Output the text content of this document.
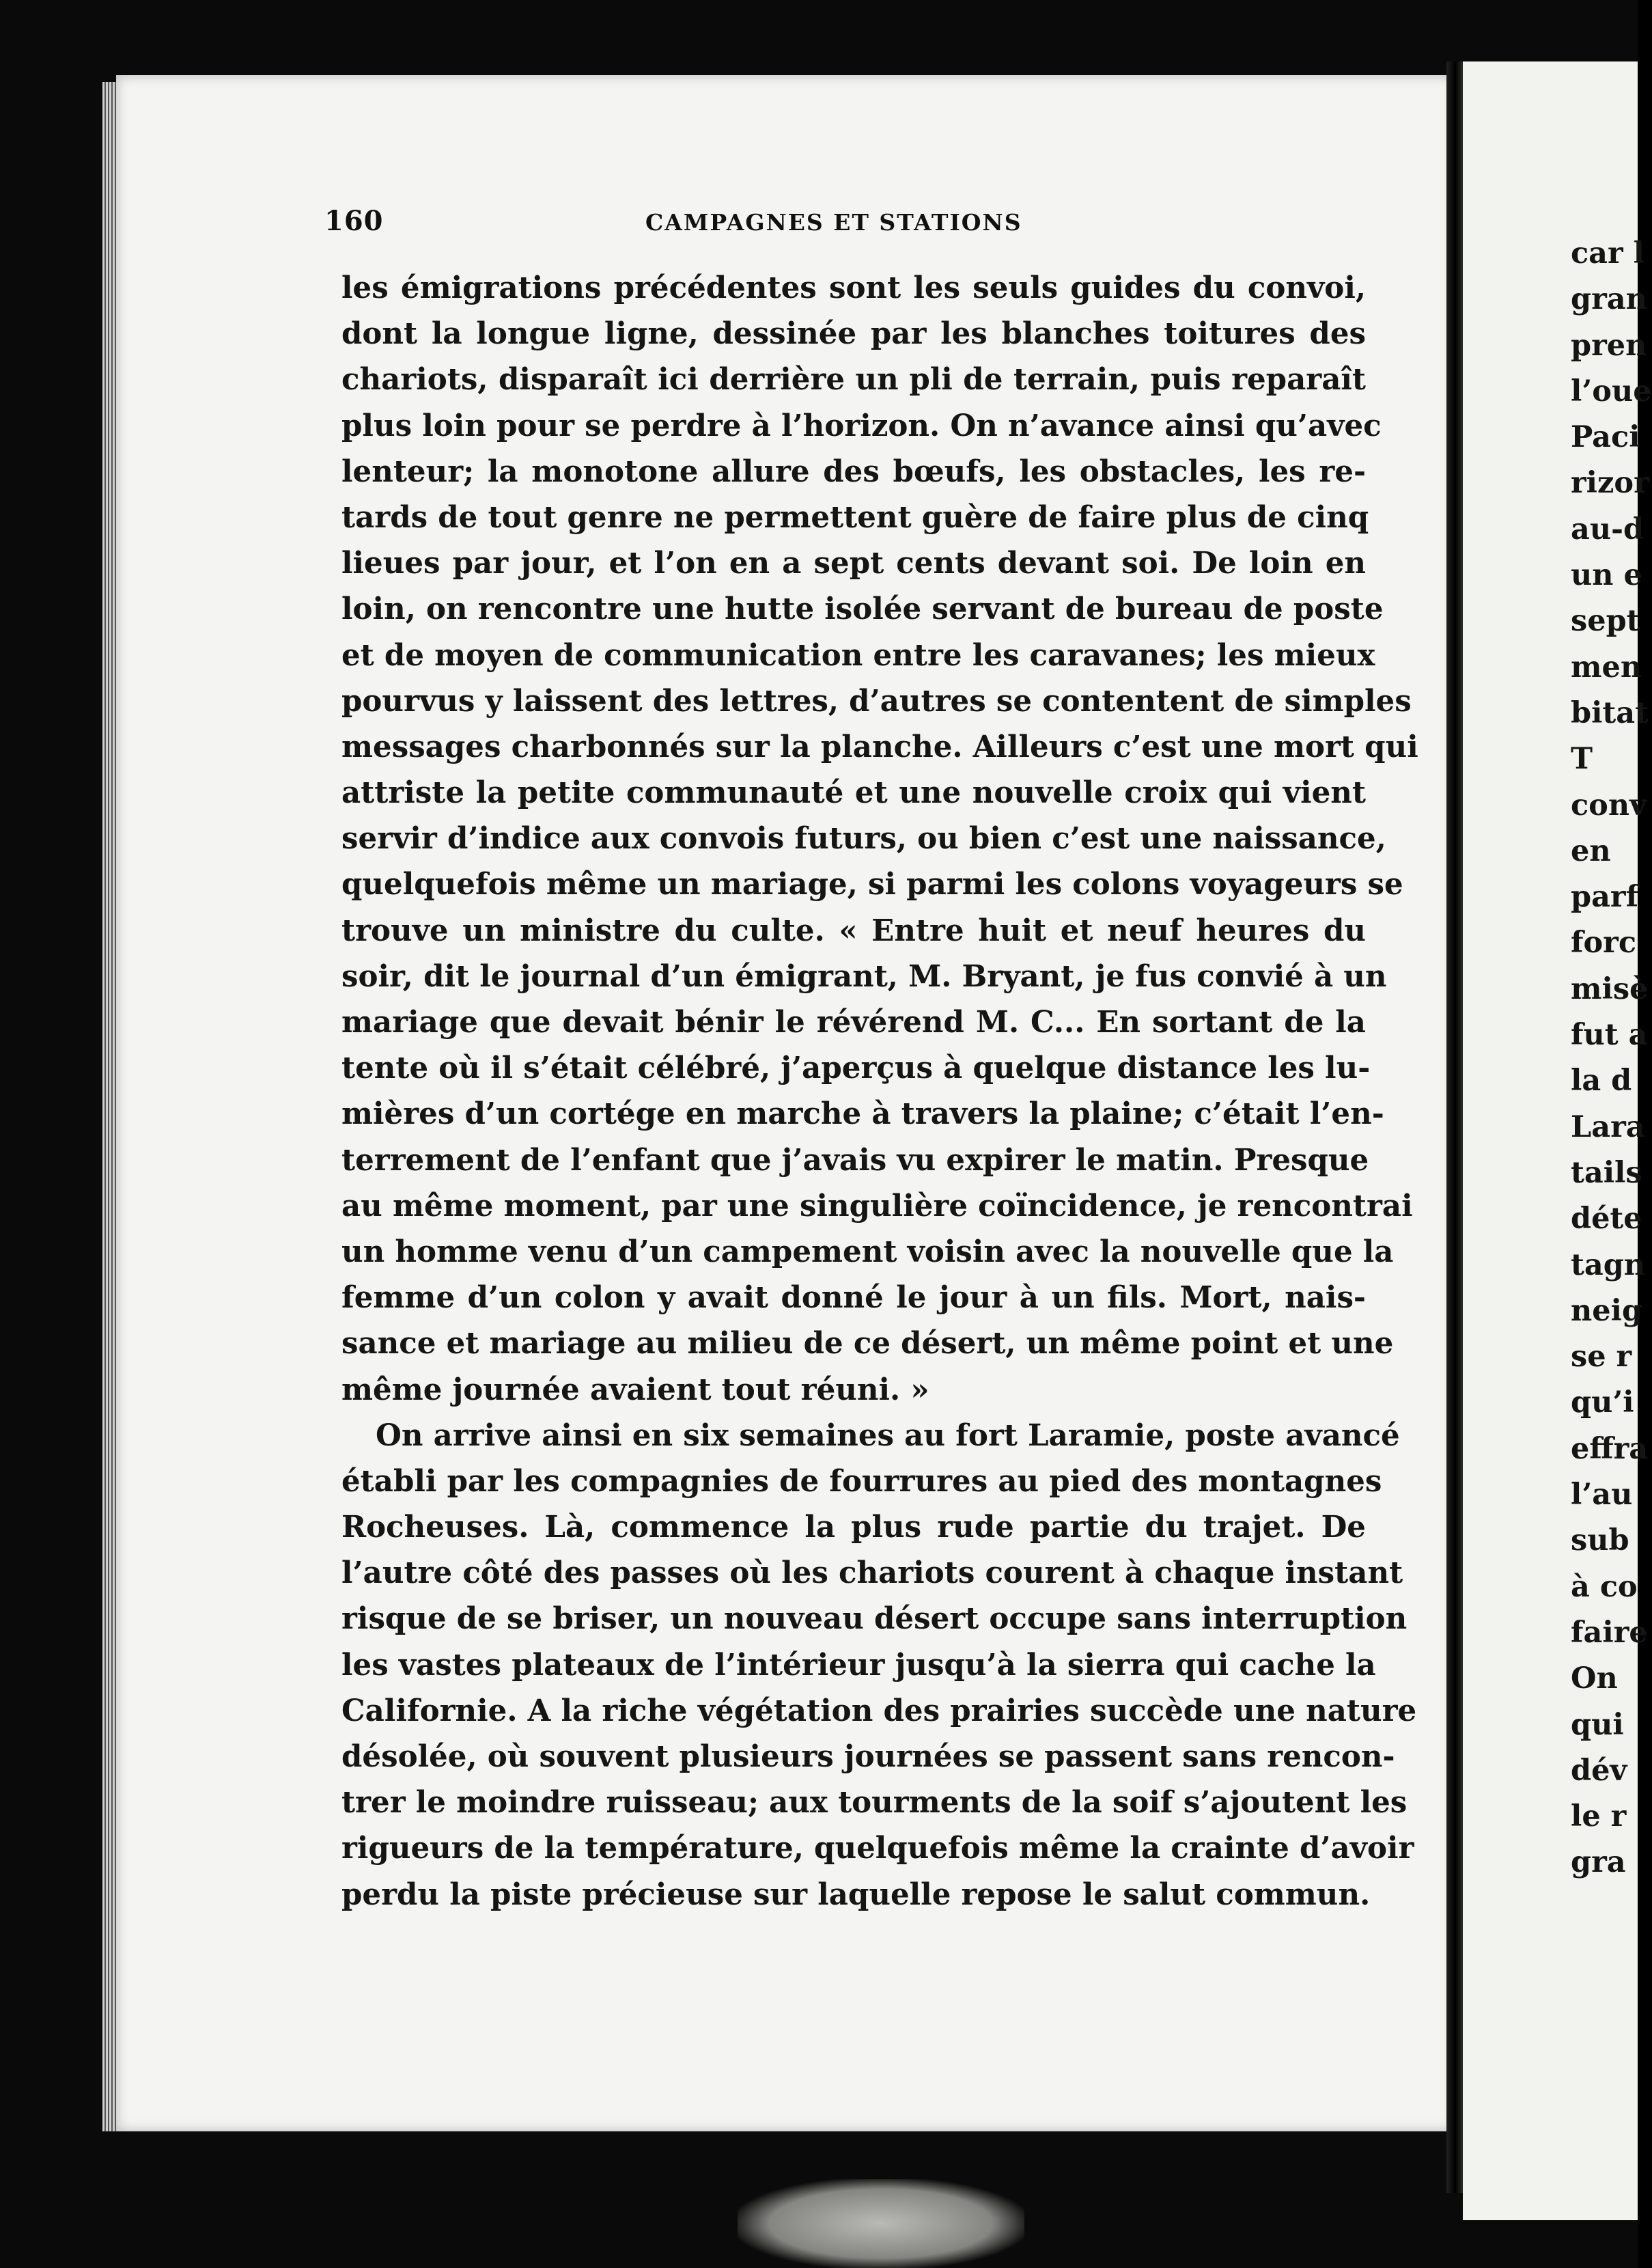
160	CAMPAGNES ET STATIONS
les émigrations précédentes sont les seuls guides du convoi,
dont la longue ligne, dessinée par les blanches toitures des
chariots, disparaît ici derrière un pli de terrain, puis reparaît
plus loin pour se perdre à l’horizon. On n’avance ainsi qu’avec
lenteur; la monotone allure des bœufs, les obstacles, les re-
tards de tout genre ne permettent guère de faire plus de cinq
lieues par jour, et l’on en a sept cents devant soi. De loin en
loin, on rencontre une hutte isolée servant de bureau de poste
et de moyen de communication entre les caravanes; les mieux
pourvus y laissent des lettres, d’autres se contentent de simples
messages charbonnés sur la planche. Ailleurs c’est une mort qui
attriste la petite communauté et une nouvelle croix qui vient
servir d’indice aux convois futurs, ou bien c’est une naissance,
quelquefois même un mariage, si parmi les colons voyageurs se
trouve un ministre du culte. « Entre huit et neuf heures du
soir, dit le journal d’un émigrant, M. Bryant, je fus convié à un
mariage que devait bénir le révérend M. C... En sortant de la
tente où il s’était célébré, j’aperçus à quelque distance les lu-
mières d’un cortége en marche à travers la plaine; c’était l’en-
terrement de l’enfant que j’avais vu expirer le matin. Presque
au même moment, par une singulière coïncidence, je rencontrai
un homme venu d’un campement voisin avec la nouvelle que la
femme d’un colon y avait donné le jour à un fils. Mort, nais-
sance et mariage au milieu de ce désert, un même point et une
même journée avaient tout réuni. »
On arrive ainsi en six semaines au fort Laramie, poste avancé
établi par les compagnies de fourrures au pied des montagnes
Rocheuses. Là, commence la plus rude partie du trajet. De
l’autre côté des passes où les chariots courent à chaque instant
risque de se briser, un nouveau désert occupe sans interruption
les vastes plateaux de l’intérieur jusqu’à la sierra qui cache la
Californie. A la riche végétation des prairies succède une nature
désolée, où souvent plusieurs journées se passent sans rencon-
trer le moindre ruisseau; aux tourments de la soif s’ajoutent les
rigueurs de la température, quelquefois même la crainte d’avoir
perdu la piste précieuse sur laquelle repose le salut commun.
car l
gran
pren
l’oue
Paci
rizor
au-d
un e
sept
men
bitat
T
conv
en
parf
forc
misè
fut a
la d
Lara
tails
déte
tagn
neig
se r
qu’i
effra
l’au
sub
à co
faire
On
qui
dév
le r
gra
